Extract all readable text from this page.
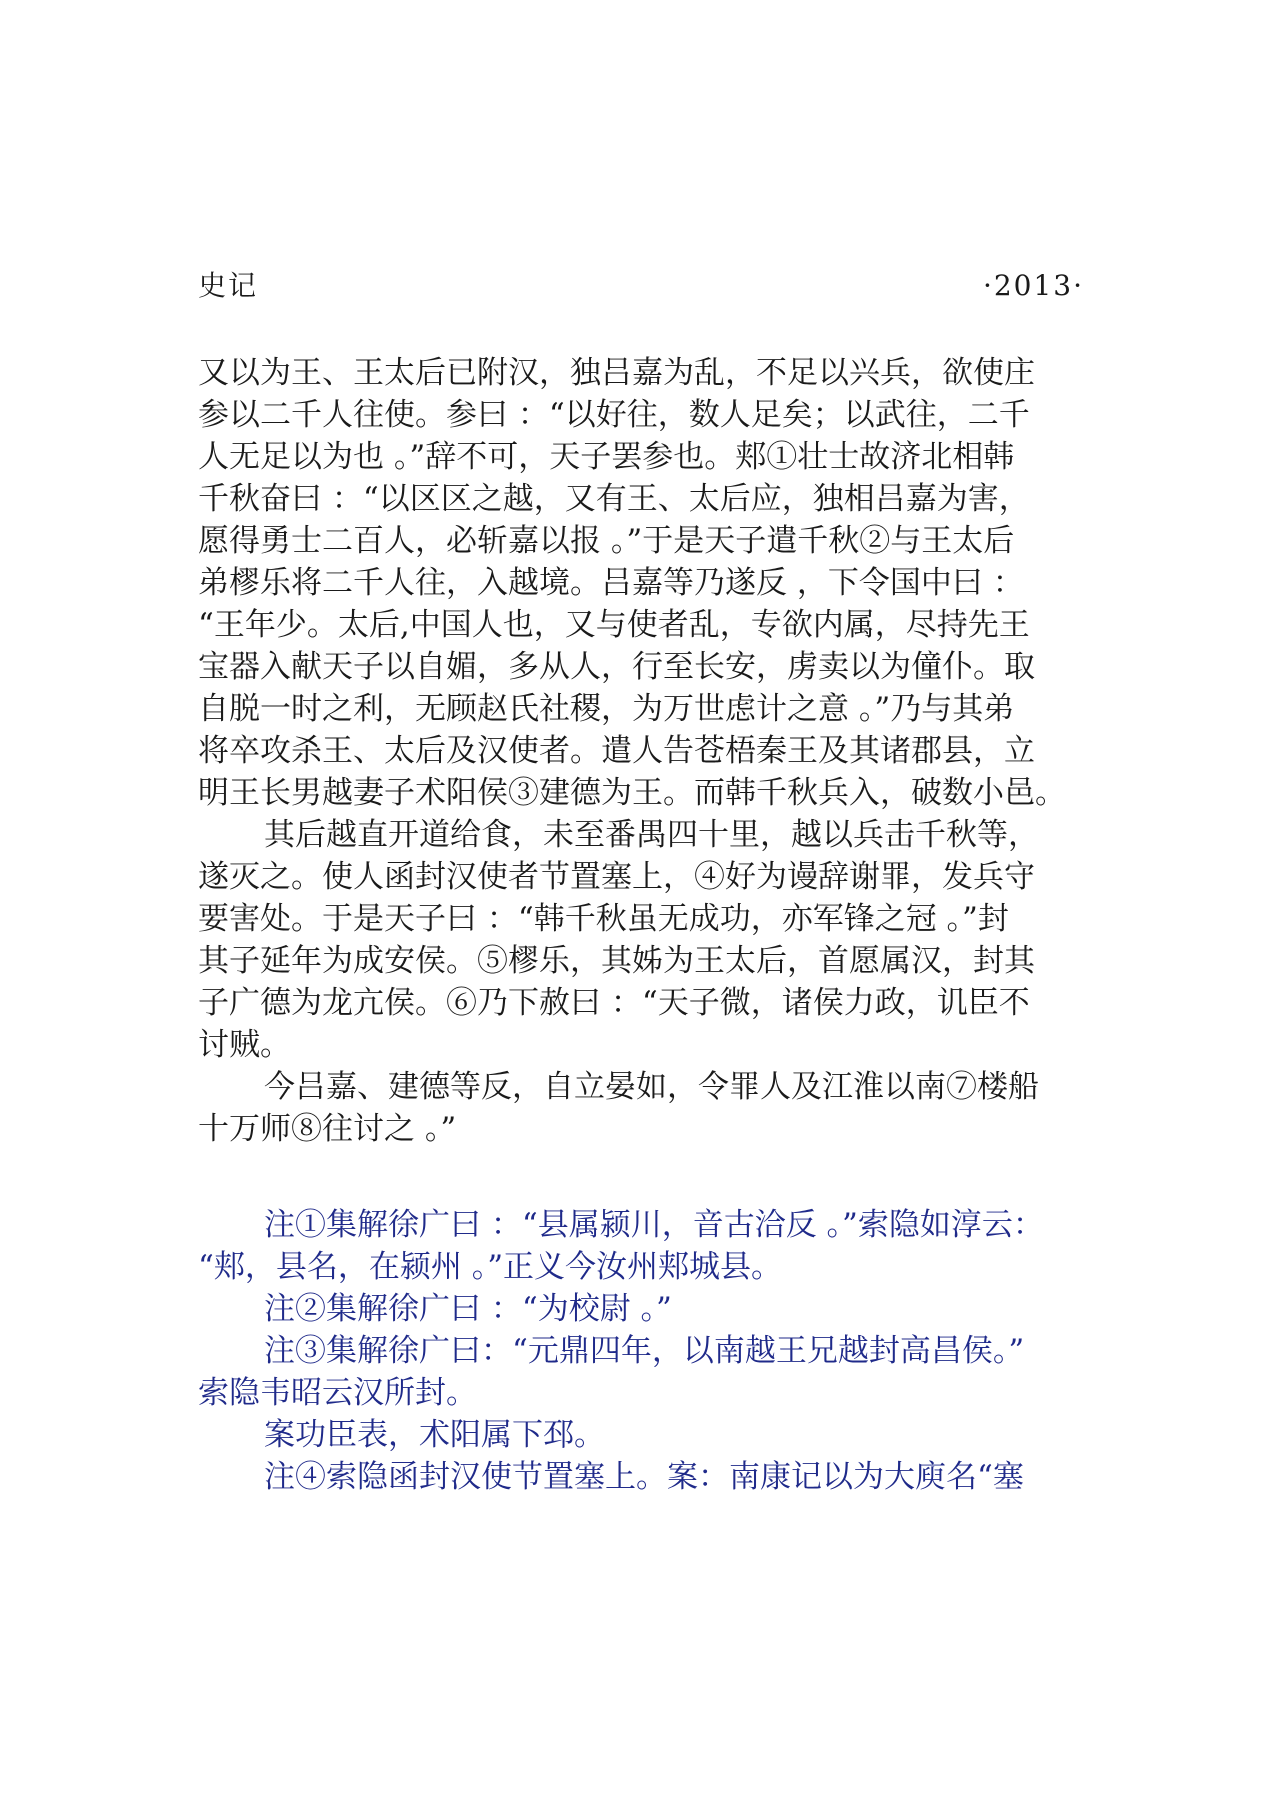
史记	·2013·
又以为王、王太后已附汉，独吕嘉为乱，不足以兴兵，欲使庄
参以二千人往使。参曰 ：“以好往，数人足矣；以武往，二千
人无足以为也 。”辞不可，天子罢参也。郏①壮士故济北相韩
千秋奋曰 ：“以区区之越，又有王、太后应，独相吕嘉为害，
愿得勇士二百人，必斩嘉以报 。”于是天子遣千秋②与王太后
弟樛乐将二千人往，入越境。吕嘉等乃遂反 ，下令国中曰 ：
“王年少。太后,中国人也，又与使者乱，专欲内属，尽持先王
宝器入献天子以自媚，多从人，行至长安，虏卖以为僮仆。取
自脱一时之利，无顾赵氏社稷，为万世虑计之意 。”乃与其弟
将卒攻杀王、太后及汉使者。遣人告苍梧秦王及其诸郡县，立
明王长男越妻子术阳侯③建德为王。而韩千秋兵入，破数小邑。
其后越直开道给食，未至番禺四十里，越以兵击千秋等，
遂灭之。使人函封汉使者节置塞上，④好为谩辞谢罪，发兵守
要害处。于是天子曰 ：“韩千秋虽无成功，亦军锋之冠 。”封
其子延年为成安侯。⑤樛乐，其姊为王太后，首愿属汉，封其
子广德为龙亢侯。⑥乃下赦曰 ：“天子微，诸侯力政，讥臣不
讨贼。
今吕嘉、建德等反，自立晏如，令罪人及江淮以南⑦楼船
十万师⑧往讨之 。”
注①集解徐广曰 ：“县属颍川，音古洽反 。”索隐如淳云：
“郏，县名，在颍州 。”正义今汝州郏城县。
注②集解徐广曰 ：“为校尉 。”
注③集解徐广曰：“元鼎四年，以南越王兄越封高昌侯。”
索隐韦昭云汉所封。
案功臣表，术阳属下邳。
注④索隐函封汉使节置塞上。案：南康记以为大庾名“塞
